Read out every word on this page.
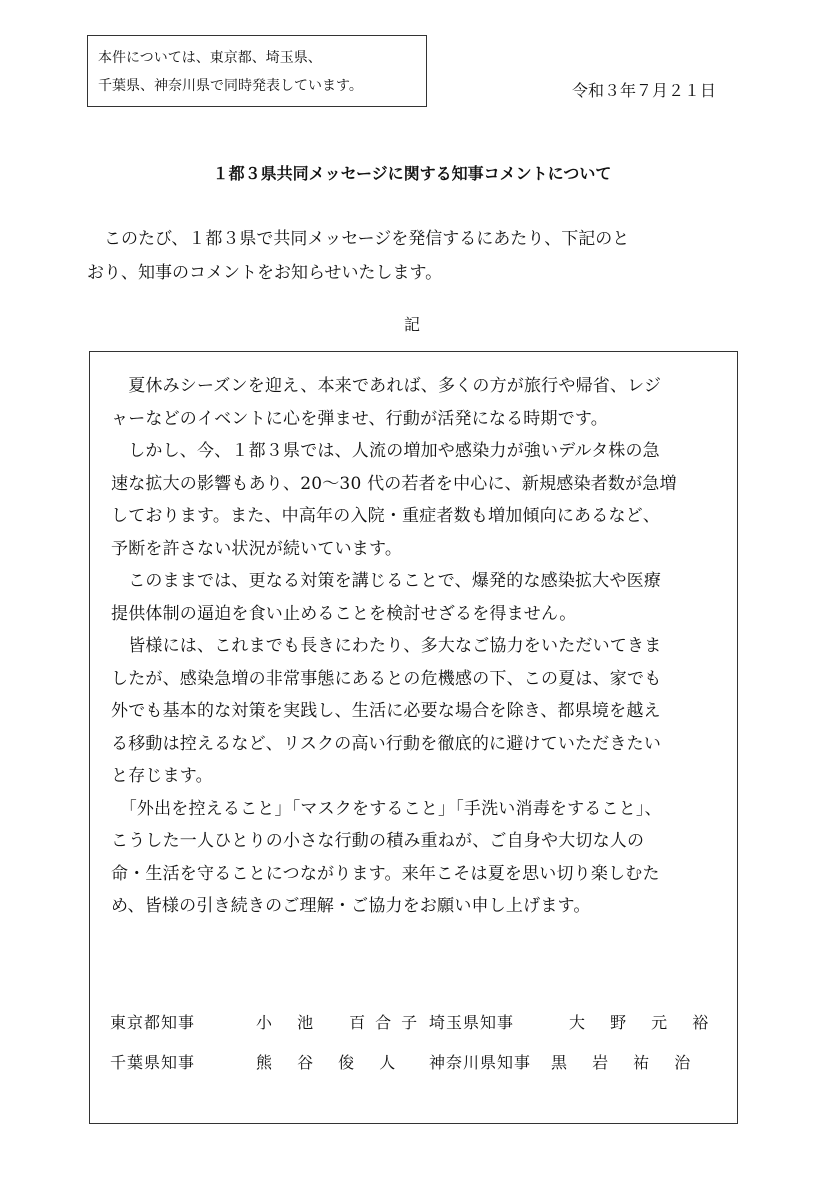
本件については、東京都、埼玉県、
千葉県、神奈川県で同時発表しています。	令和３年７月２１日
１都３県共同メッセージに関する知事コメントについて
　このたび、１都３県で共同メッセージを発信するにあたり、下記のと
おり、知事のコメントをお知らせいたします。
記
　夏休みシーズンを迎え、本来であれば、多くの方が旅行や帰省、レジ
ャーなどのイベントに心を弾ませ、行動が活発になる時期です。
　しかし、今、１都３県では、人流の増加や感染力が強いデルタ株の急
速な拡大の影響もあり、20～30 代の若者を中心に、新規感染者数が急増
しております。また、中高年の入院・重症者数も増加傾向にあるなど、
予断を許さない状況が続いています。
　このままでは、更なる対策を講じることで、爆発的な感染拡大や医療
提供体制の逼迫を食い止めることを検討せざるを得ません。
　皆様には、これまでも長きにわたり、多大なご協力をいただいてきま
したが、感染急増の非常事態にあるとの危機感の下、この夏は、家でも
外でも基本的な対策を実践し、生活に必要な場合を除き、都県境を越え
る移動は控えるなど、リスクの高い行動を徹底的に避けていただきたい
と存じます。
　「外出を控えること」「マスクをすること」「手洗い消毒をすること」、
こうした一人ひとりの小さな行動の積み重ねが、ご自身や大切な人の
命・生活を守ることにつながります。来年こそは夏を思い切り楽しむた
め、皆様の引き続きのご理解・ご協力をお願い申し上げます。
東京都知事	小 池　百合子 埼玉県知事	大 野 元 裕
千葉県知事	熊 谷 俊 人 神奈川県知事 黒 岩 祐 治
